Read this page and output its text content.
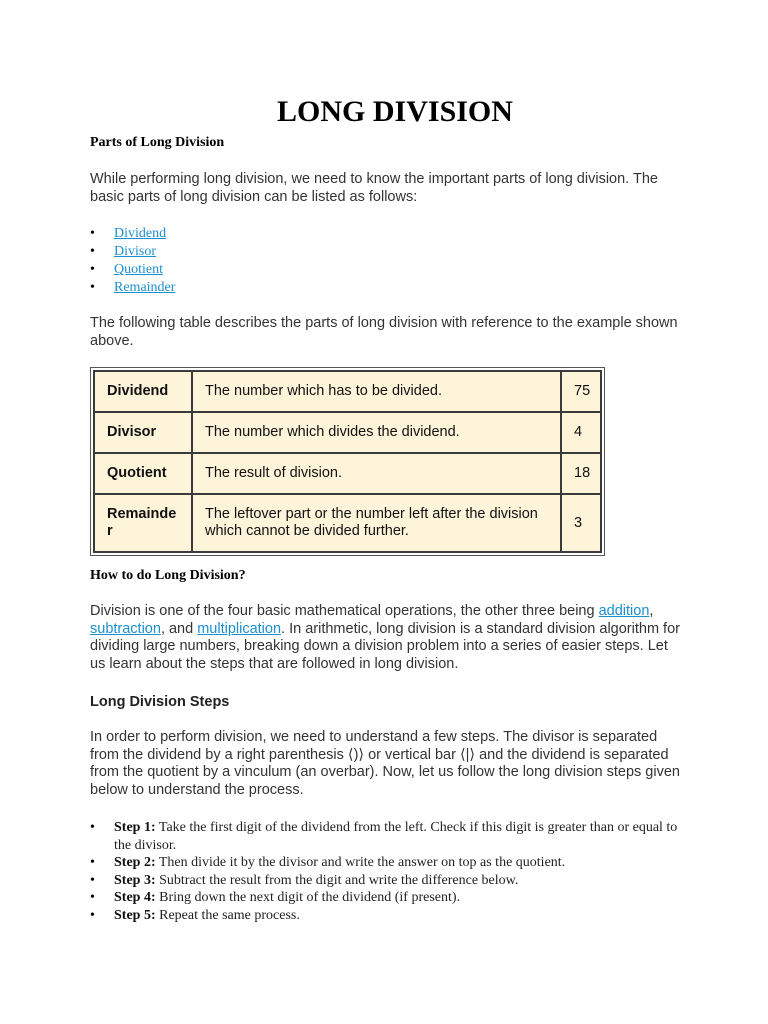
LONG DIVISION
Parts of Long Division

While performing long division, we need to know the important parts of long division. The basic parts of long division can be listed as follows:

• Dividend
• Divisor
• Quotient
• Remainder

The following table describes the parts of long division with reference to the example shown above.

Dividend	The number which has to be divided.	75
Divisor	The number which divides the dividend.	4
Quotient	The result of division.	18
Remainde r	The leftover part or the number left after the division which cannot be divided further.	3
How to do Long Division?

Division is one of the four basic mathematical operations, the other three being addition, subtraction, and multiplication. In arithmetic, long division is a standard division algorithm for dividing large numbers, breaking down a division problem into a series of easier steps. Let us learn about the steps that are followed in long division.

Long Division Steps

In order to perform division, we need to understand a few steps. The divisor is separated from the dividend by a right parenthesis ⟨)⟩ or vertical bar ⟨|⟩ and the dividend is separated from the quotient by a vinculum (an overbar). Now, let us follow the long division steps given below to understand the process.

• Step 1: Take the first digit of the dividend from the left. Check if this digit is greater than or equal to the divisor.
• Step 2: Then divide it by the divisor and write the answer on top as the quotient.
• Step 3: Subtract the result from the digit and write the difference below.
• Step 4: Bring down the next digit of the dividend (if present).
• Step 5: Repeat the same process.
